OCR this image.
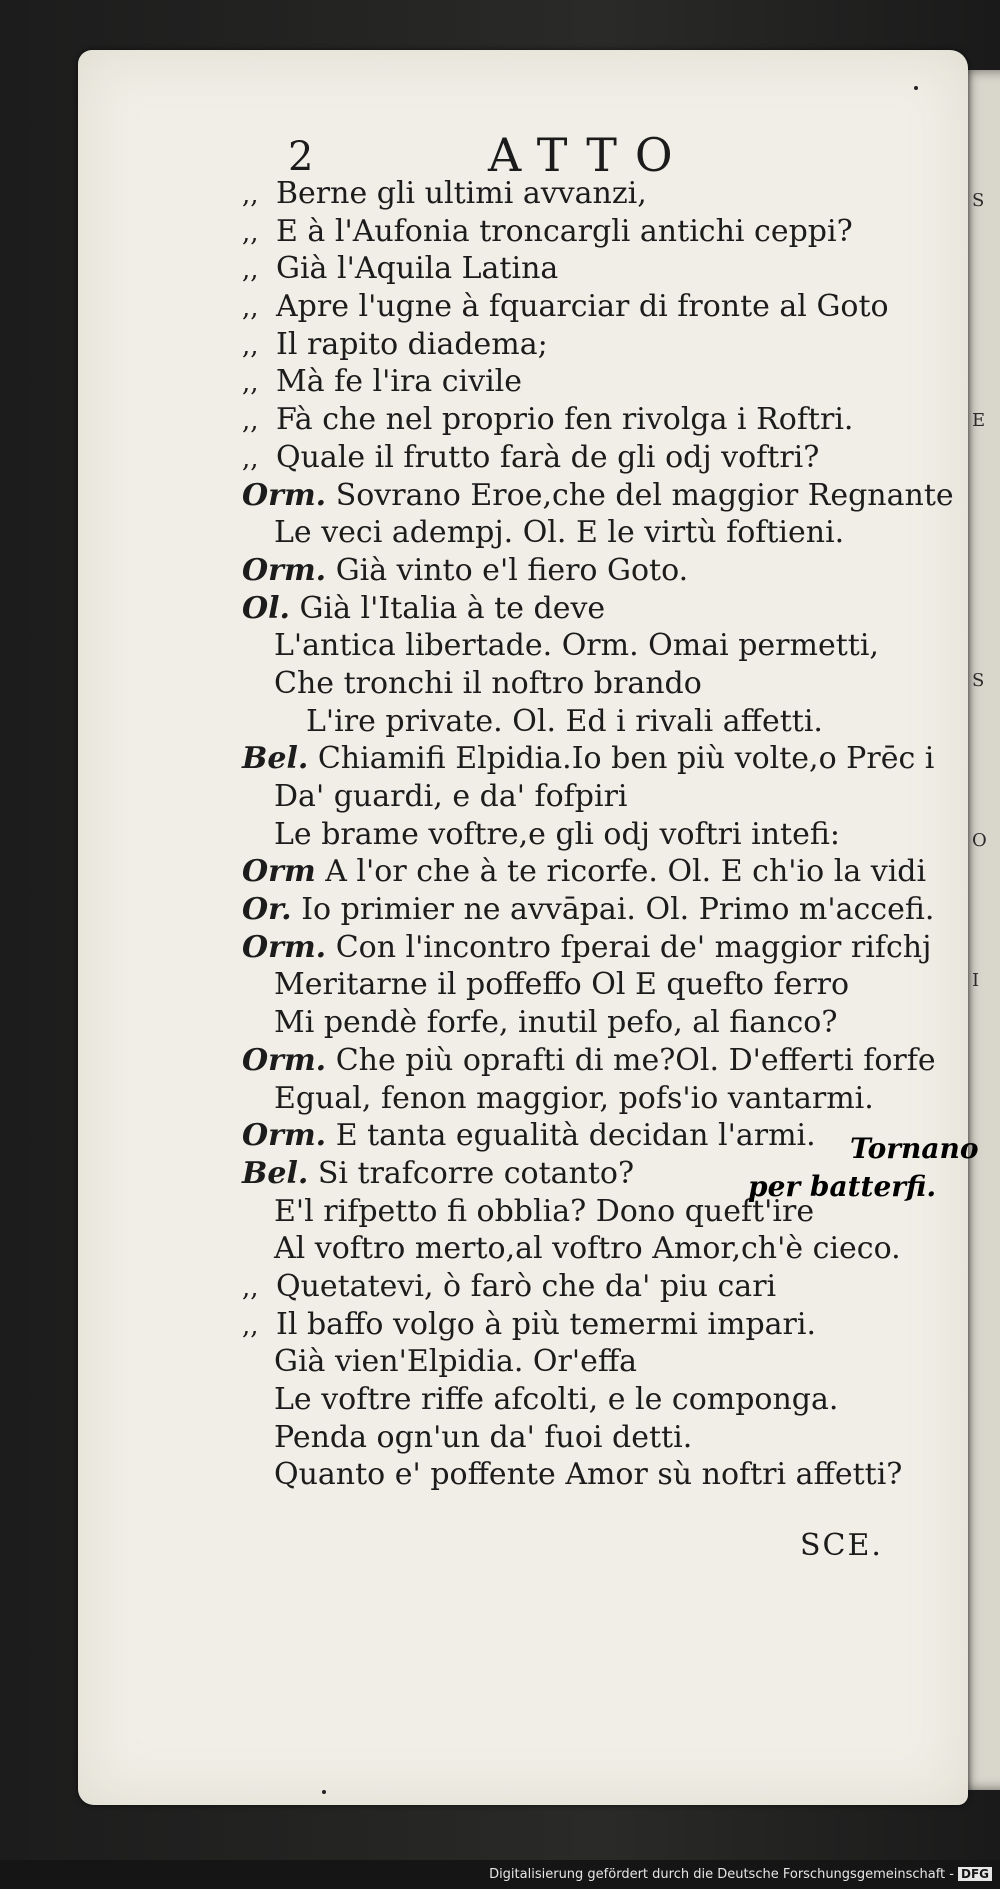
S
E
S
O
I
2	ATTO
,, Berne gli ultimi avvanzi,
,, E à l'Aufonia troncargli antichi ceppi?
,, Già l'Aquila Latina
,, Apre l'ugne à fquarciar di fronte al Goto
,, Il rapito diadema;
,, Mà fe l'ira civile
,, Fà che nel proprio fen rivolga i Roftri.
,, Quale il frutto farà de gli odj voftri?
Orm. Sovrano Eroe,che del maggior Regnante
Le veci adempj. Ol. E le virtù foftieni.
Orm. Già vinto e'l fiero Goto.
Ol. Già l'Italia à te deve
L'antica libertade. Orm. Omai permetti,
Che tronchi il noftro brando
L'ire private. Ol. Ed i rivali affetti.
Bel. Chiamifi Elpidia.Io ben più volte,o Prēc i
Da' guardi, e da' fofpiri
Le brame voftre,e gli odj voftri intefi:
Orm A l'or che à te ricorfe. Ol. E ch'io la vidi
Or. Io primier ne avvāpai. Ol. Primo m'accefi.
Orm. Con l'incontro fperai de' maggior rifchj
Meritarne il poffeffo Ol E quefto ferro
Mi pendè forfe, inutil pefo, al fianco?
Orm. Che più oprafti di me?Ol. D'efferti forfe
Egual, fenon maggior, pofs'io vantarmi.
Orm. E tanta egualità decidan l'armi.
Bel. Si trafcorre cotanto?
E'l rifpetto fi obblia? Dono queft'ire
Al voftro merto,al voftro Amor,ch'è cieco.
,, Quetatevi, ò farò che da' piu cari
,, Il baffo volgo à più temermi impari.
Già vien'Elpidia. Or'effa
Le voftre riffe afcolti, e le componga.
Penda ogn'un da' fuoi detti.
Quanto e' poffente Amor sù noftri affetti?
Tornano
per batterfi.
SCE.
Digitalisierung gefördert durch die Deutsche Forschungsgemeinschaft - DFG
